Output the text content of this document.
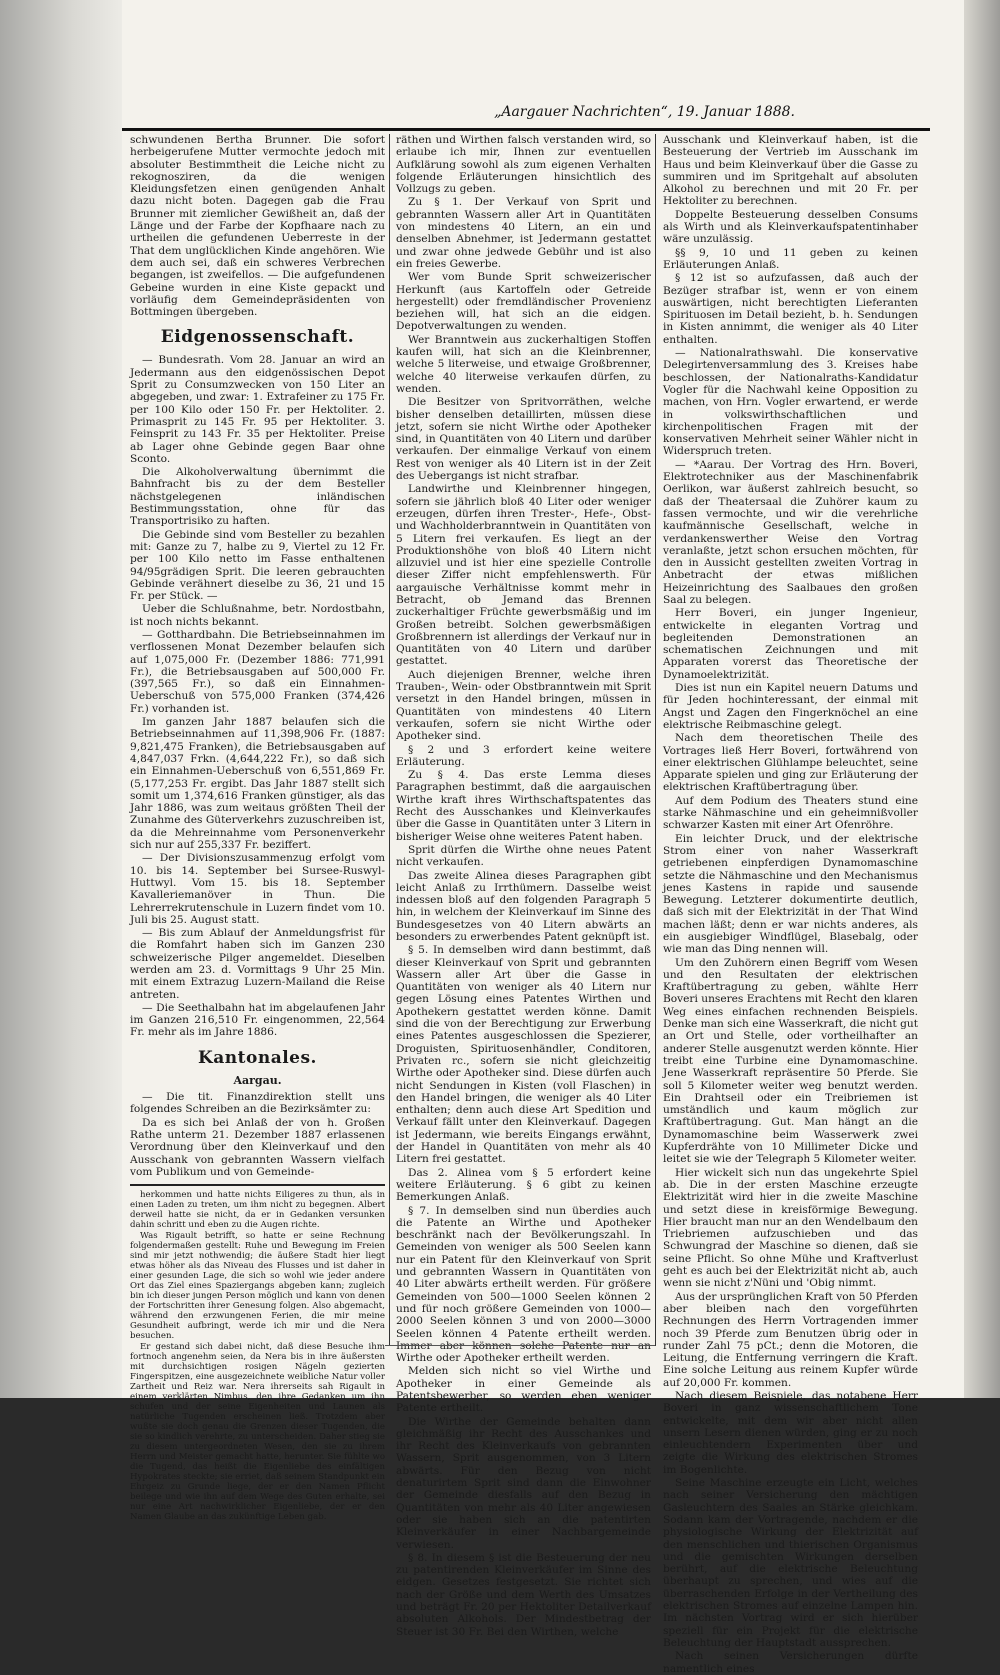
„Aargauer Nachrichten“, 19. Januar 1888.

schwundenen Bertha Brunner. Die sofort herbeigerufene Mutter vermochte jedoch mit absoluter Bestimmtheit die Leiche nicht zu rekognosziren, da die wenigen Kleidungsfetzen einen genügenden Anhalt dazu nicht boten. Dagegen gab die Frau Brunner mit ziemlicher Gewißheit an, daß der Länge und der Farbe der Kopfhaare nach zu urtheilen die gefundenen Ueberreste in der That dem unglücklichen Kinde angehören. Wie dem auch sei, daß ein schweres Verbrechen begangen, ist zweifellos. — Die aufgefundenen Gebeine wurden in eine Kiste gepackt und vorläufig dem Gemeindepräsidenten von Bottmingen übergeben.

Eidgenossenschaft.

— Bundesrath. Vom 28. Januar an wird an Jedermann aus den eidgenössischen Depot Sprit zu Consumzwecken von 150 Liter an abgegeben, und zwar: 1. Extrafeiner zu 175 Fr. per 100 Kilo oder 150 Fr. per Hektoliter. 2. Primasprit zu 145 Fr. 95 per Hektoliter. 3. Feinsprit zu 143 Fr. 35 per Hektoliter. Preise ab Lager ohne Gebinde gegen Baar ohne Sconto.

Die Alkoholverwaltung übernimmt die Bahnfracht bis zu der dem Besteller nächstgelegenen inländischen Bestimmungsstation, ohne für das Transportrisiko zu haften.

Die Gebinde sind vom Besteller zu bezahlen mit: Ganze zu 7, halbe zu 9, Viertel zu 12 Fr. per 100 Kilo netto im Fasse enthaltenen 94/95grädigen Sprit. Die leeren gebrauchten Gebinde verähnert dieselbe zu 36, 21 und 15 Fr. per Stück. —

Ueber die Schlußnahme, betr. Nordostbahn, ist noch nichts bekannt.

— Gotthardbahn. Die Betriebseinnahmen im verflossenen Monat Dezember belaufen sich auf 1,075,000 Fr. (Dezember 1886: 771,991 Fr.), die Betriebsausgaben auf 500,000 Fr. (397,565 Fr.), so daß ein Einnahmen-Ueberschuß von 575,000 Franken (374,426 Fr.) vorhanden ist.

Im ganzen Jahr 1887 belaufen sich die Betriebseinnahmen auf 11,398,906 Fr. (1887: 9,821,475 Franken), die Betriebsausgaben auf 4,847,037 Frkn. (4,644,222 Fr.), so daß sich ein Einnahmen-Ueberschuß von 6,551,869 Fr. (5,177,253 Fr. ergibt. Das Jahr 1887 stellt sich somit um 1,374,616 Franken günstiger, als das Jahr 1886, was zum weitaus größten Theil der Zunahme des Güterverkehrs zuzuschreiben ist, da die Mehreinnahme vom Personenverkehr sich nur auf 255,337 Fr. beziffert.

— Der Divisionszusammenzug erfolgt vom 10. bis 14. September bei Sursee-Ruswyl-Huttwyl. Vom 15. bis 18. September Kavalleriemanöver in Thun. Die Lehrerrekrutenschule in Luzern findet vom 10. Juli bis 25. August statt.

— Bis zum Ablauf der Anmeldungsfrist für die Romfahrt haben sich im Ganzen 230 schweizerische Pilger angemeldet. Dieselben werden am 23. d. Vormittags 9 Uhr 25 Min. mit einem Extrazug Luzern-Mailand die Reise antreten.

— Die Seethalbahn hat im abgelaufenen Jahr im Ganzen 216,510 Fr. eingenommen, 22,564 Fr. mehr als im Jahre 1886.

Kantonales.
Aargau.

— Die tit. Finanzdirektion stellt uns folgendes Schreiben an die Bezirksämter zu:

Da es sich bei Anlaß der von h. Großen Rathe unterm 21. Dezember 1887 erlassenen Verordnung über den Kleinverkauf und den Ausschank von gebrannten Wassern vielfach vom Publikum und von Gemeinde-

herkommen und hatte nichts Eiligeres zu thun, als in einen Laden zu treten, um ihm nicht zu begegnen. Albert derweil hatte sie nicht, da er in Gedanken versunken dahin schritt und eben zu die Augen richte.

Was Rigault betrifft, so hatte er seine Rechnung folgendermaßen gestellt: Ruhe und Bewegung im Freien sind mir jetzt nothwendig; die äußere Stadt hier liegt etwas höher als das Niveau des Flusses und ist daher in einer gesunden Lage, die sich so wohl wie jeder andere Ort das Ziel eines Spaziergangs abgeben kann; zugleich bin ich dieser jungen Person möglich und kann von denen der Fortschritten ihrer Genesung folgen. Also abgemacht, während den erzwungenen Ferien, die mir meine Gesundheit aufbringt, werde ich mir und die Nera besuchen.

Er gestand sich dabei nicht, daß diese Besuche ihm fortnoch angenehm seien, da Nera bis in ihre äußersten mit durchsichtigen rosigen Nägeln gezierten Fingerspitzen, eine ausgezeichnete weibliche Natur voller Zartheit und Reiz war. Nera ihrerseits sah Rigault in einem verklärten Nimbus, den ihre Gedanken um ihn schufen und der seine Eigenheiten und Launen als natürliche Tugenden erscheinen ließ. Trotzdem aber wußte sie doch genau die Grenzen dieser Tugenden, die sie so kindlich verehrte, zu unterscheiden. Daher stieg sie zu diesem untergeordneten Wesen, den sie zu ihrem Herrn und Meister gemacht hatte, herunter. Sie fühlte wo die Tugend, das heißt die Eigenliebe des einfältigen Hypokrates steckte; sie erriet, daß seinem Standpunkt ein Ehrgeiz zu Grunde liege, der er den Namen Pflicht beilege und wie ihn auf dem Wege des Guten erhalte, sei nur eine Art nachwirklicher Eigenliebe, der er den Namen Glaube an das zukünftige Leben gab.

räthen und Wirthen falsch verstanden wird, so erlaube ich mir, Ihnen zur eventuellen Aufklärung sowohl als zum eigenen Verhalten folgende Erläuterungen hinsichtlich des Vollzugs zu geben.

Zu § 1. Der Verkauf von Sprit und gebrannten Wassern aller Art in Quantitäten von mindestens 40 Litern, an ein und denselben Abnehmer, ist Jedermann gestattet und zwar ohne jedwede Gebühr und ist also ein freies Gewerbe.

Wer vom Bunde Sprit schweizerischer Herkunft (aus Kartoffeln oder Getreide hergestellt) oder fremdländischer Provenienz beziehen will, hat sich an die eidgen. Depotverwaltungen zu wenden.

Wer Branntwein aus zuckerhaltigen Stoffen kaufen will, hat sich an die Kleinbrenner, welche 5 literweise, und etwaige Großbrenner, welche 40 literweise verkaufen dürfen, zu wenden.

Die Besitzer von Spritvorräthen, welche bisher denselben detaillirten, müssen diese jetzt, sofern sie nicht Wirthe oder Apotheker sind, in Quantitäten von 40 Litern und darüber verkaufen. Der einmalige Verkauf von einem Rest von weniger als 40 Litern ist in der Zeit des Uebergangs ist nicht strafbar.

Landwirthe und Kleinbrenner hingegen, sofern sie jährlich bloß 40 Liter oder weniger erzeugen, dürfen ihren Trester-, Hefe-, Obst- und Wachholderbranntwein in Quantitäten von 5 Litern frei verkaufen. Es liegt an der Produktionshöhe von bloß 40 Litern nicht allzuviel und ist hier eine spezielle Controlle dieser Ziffer nicht empfehlenswerth. Für aargauische Verhältnisse kommt mehr in Betracht, ob Jemand das Brennen zuckerhaltiger Früchte gewerbsmäßig und im Großen betreibt. Solchen gewerbsmäßigen Großbrennern ist allerdings der Verkauf nur in Quantitäten von 40 Litern und darüber gestattet.

Auch diejenigen Brenner, welche ihren Trauben-, Wein- oder Obstbranntwein mit Sprit versetzt in den Handel bringen, müssen in Quantitäten von mindestens 40 Litern verkaufen, sofern sie nicht Wirthe oder Apotheker sind.

§ 2 und 3 erfordert keine weitere Erläuterung.

Zu § 4. Das erste Lemma dieses Paragraphen bestimmt, daß die aargauischen Wirthe kraft ihres Wirthschaftspatentes das Recht des Ausschankes und Kleinverkaufes über die Gasse in Quantitäten unter 3 Litern in bisheriger Weise ohne weiteres Patent haben.

Sprit dürfen die Wirthe ohne neues Patent nicht verkaufen.

Das zweite Alinea dieses Paragraphen gibt leicht Anlaß zu Irrthümern. Dasselbe weist indessen bloß auf den folgenden Paragraph 5 hin, in welchem der Kleinverkauf im Sinne des Bundesgesetzes von 40 Litern abwärts an besonders zu erwerbendes Patent geknüpft ist.

§ 5. In demselben wird dann bestimmt, daß dieser Kleinverkauf von Sprit und gebrannten Wassern aller Art über die Gasse in Quantitäten von weniger als 40 Litern nur gegen Lösung eines Patentes Wirthen und Apothekern gestattet werden könne. Damit sind die von der Berechtigung zur Erwerbung eines Patentes ausgeschlossen die Spezierer, Droguisten, Spirituosenhändler, Conditoren, Privaten rc., sofern sie nicht gleichzeitig Wirthe oder Apotheker sind. Diese dürfen auch nicht Sendungen in Kisten (voll Flaschen) in den Handel bringen, die weniger als 40 Liter enthalten; denn auch diese Art Spedition und Verkauf fällt unter den Kleinverkauf. Dagegen ist Jedermann, wie bereits Eingangs erwähnt, der Handel in Quantitäten von mehr als 40 Litern frei gestattet.

Das 2. Alinea vom § 5 erfordert keine weitere Erläuterung. § 6 gibt zu keinen Bemerkungen Anlaß.

§ 7. In demselben sind nun überdies auch die Patente an Wirthe und Apotheker beschränkt nach der Bevölkerungszahl. In Gemeinden von weniger als 500 Seelen kann nur ein Patent für den Kleinverkauf von Sprit und gebrannten Wassern in Quantitäten von 40 Liter abwärts ertheilt werden. Für größere Gemeinden von 500—1000 Seelen können 2 und für noch größere Gemeinden von 1000—2000 Seelen können 3 und von 2000—3000 Seelen können 4 Patente ertheilt werden. Wirthe oder Apotheker ertheilt werden.

Melden sich nicht so viel Wirthe und Apotheker in einer Gemeinde als Patentsbewerber, so werden eben weniger Patente ertheilt.

Die Wirthe der Gemeinde behalten dann gleichmäßig ihr Recht des Ausschankes und ihr Recht des Kleinverkaufs von gebrannten Wassern, Sprit ausgenommen, von 3 Litern abwärts. Für den Bezug von nicht denaturirtem Sprit sind dann die Einwohner der Gemeinde diesfalls auf den Bezug in Quantitäten von mehr als 40 Liter angewiesen oder sie haben sich an die patentirten Kleinverkäufer in einer Nachbargemeinde verwiesen.

§ 8. In diesem § ist die Besteuerung der neu zu patentirenden Kleinverkäufer im Sinne des eidgen. Gesetzes festgesetzt. Sie richtet sich nach der Größe und dem Werth des Umsatzes und beträgt Fr. 20 per Hektoliter Detailverkauf absoluten Alkohols. Der Mindestbetrag der Steuer ist 30 Fr. Bei den Wirthen, welche

Ausschank und Kleinverkauf haben, ist die Besteuerung der Vertrieb im Ausschank im Haus und beim Kleinverkauf über die Gasse zu summiren und im Spritgehalt auf absoluten Alkohol zu berechnen und mit 20 Fr. per Hektoliter zu berechnen.

Doppelte Besteuerung desselben Consums als Wirth und als Kleinverkaufspatentinhaber wäre unzulässig.

§§ 9, 10 und 11 geben zu keinen Erläuterungen Anlaß.

§ 12 ist so aufzufassen, daß auch der Bezüger strafbar ist, wenn er von einem auswärtigen, nicht berechtigten Lieferanten Spirituosen im Detail bezieht, b. h. Sendungen in Kisten annimmt, die weniger als 40 Liter enthalten.

— Nationalrathswahl. Die konservative Delegirtenversammlung des 3. Kreises habe beschlossen, der Nationalraths-Kandidatur Vogler für die Nachwahl keine Opposition zu machen, von Hrn. Vogler erwartend, er werde in volkswirthschaftlichen und kirchenpolitischen Fragen mit der konservativen Mehrheit seiner Wähler nicht in Widerspruch treten.

— *Aarau. Der Vortrag des Hrn. Boveri, Elektrotechniker aus der Maschinenfabrik Oerlikon, war äußerst zahlreich besucht, so daß der Theatersaal die Zuhörer kaum zu fassen vermochte, und wir die verehrliche kaufmännische Gesellschaft, welche in verdankenswerther Weise den Vortrag veranlaßte, jetzt schon ersuchen möchten, für den in Aussicht gestellten zweiten Vortrag in Anbetracht der etwas mißlichen Heizeinrichtung des Saalbaues den großen Saal zu belegen.

Herr Boveri, ein junger Ingenieur, entwickelte in eleganten Vortrag und begleitenden Demonstrationen an schematischen Zeichnungen und mit Apparaten vorerst das Theoretische der Dynamoelektrizität.

Dies ist nun ein Kapitel neuern Datums und für Jeden hochinteressant, der einmal mit Angst und Zagen den Fingerknöchel an eine elektrische Reibmaschine gelegt.

Nach dem theoretischen Theile des Vortrages ließ Herr Boveri, fortwährend von einer elektrischen Glühlampe beleuchtet, seine Apparate spielen und ging zur Erläuterung der elektrischen Kraftübertragung über.

Auf dem Podium des Theaters stund eine starke Nähmaschine und ein geheimnißvoller schwarzer Kasten mit einer Art Ofenröhre.

Ein leichter Druck, und der elektrische Strom einer von naher Wasserkraft getriebenen einpferdigen Dynamomaschine setzte die Nähmaschine und den Mechanismus jenes Kastens in rapide und sausende Bewegung. Letzterer dokumentirte deutlich, daß sich mit der Elektrizität in der That Wind machen läßt; denn er war nichts anderes, als ein ausgiebiger Windflügel, Blasebalg, oder wie man das Ding nennen will.

Um den Zuhörern einen Begriff vom Wesen und den Resultaten der elektrischen Kraftübertragung zu geben, wählte Herr Boveri unseres Erachtens mit Recht den klaren Weg eines einfachen rechnenden Beispiels. Denke man sich eine Wasserkraft, die nicht gut an Ort und Stelle, oder vortheilhafter an anderer Stelle ausgenutzt werden könnte. Hier treibt eine Turbine eine Dynamomaschine. Jene Wasserkraft repräsentire 50 Pferde. Sie soll 5 Kilometer weiter weg benutzt werden. Ein Drahtseil oder ein Treibriemen ist umständlich und kaum möglich zur Kraftübertragung. Gut. Man hängt an die Dynamomaschine beim Wasserwerk zwei Kupferdrähte von 10 Millimeter Dicke und leitet sie wie der Telegraph 5 Kilometer weiter.

Hier wickelt sich nun das ungekehrte Spiel ab. Die in der ersten Maschine erzeugte Elektrizität wird hier in die zweite Maschine und setzt diese in kreisförmige Bewegung. Hier braucht man nur an den Wendelbaum den Triebriemen aufzuschieben und das Schwungrad der Maschine so dienen, daß sie seine Pflicht. So ohne Mühe und Kraftverlust geht es auch bei der Elektrizität nicht ab, auch wenn sie nicht z'Nüni und 'Obig nimmt.

Aus der ursprünglichen Kraft von 50 Pferden aber bleiben nach den vorgeführten Rechnungen des Herrn Vortragenden immer noch 39 Pferde zum Benutzen übrig oder in runder Zahl 75 pCt.; denn die Motoren, die Leitung, die Entfernung verringern die Kraft. Eine solche Leitung aus reinem Kupfer würde auf 20,000 Fr. kommen.

Nach diesem Beispiele, das notabene Herr Boveri in ganz wissenschaftlichem Tone entwickelte, mit dem wir aber nicht allen unsern Lesern dienen würden, ging er zu noch einleuchtendern Experimenten über und zeigte die Wirkung des elektrischen Stromes im Bogenlichte.

Seine Maschine erzeugte ein Licht, welches nach seiner Versicherung den mächtigen Gasleuchtern des Saales an Stärke gleichkam. Sodann kam der Vortragende, nachdem er die physiologische Wirkung der Elektrizität auf den menschlichen und thierischen Organismus und die gemischten Wirkungen derselben berührt, auf die elektrische Beleuchtung überhaupt zu sprechen, und wies auf die überraschenden Erfolge in der Vertheilung des elektrischen Stromes auf einzelne Lampen hin. Im nächsten Vortrag wird er sich hierüber speziell für ein Projekt für die elektrische Beleuchtung der Hauptstadt aussprechen.

Nach seinen Versicherungen dürfte namentlich eines
